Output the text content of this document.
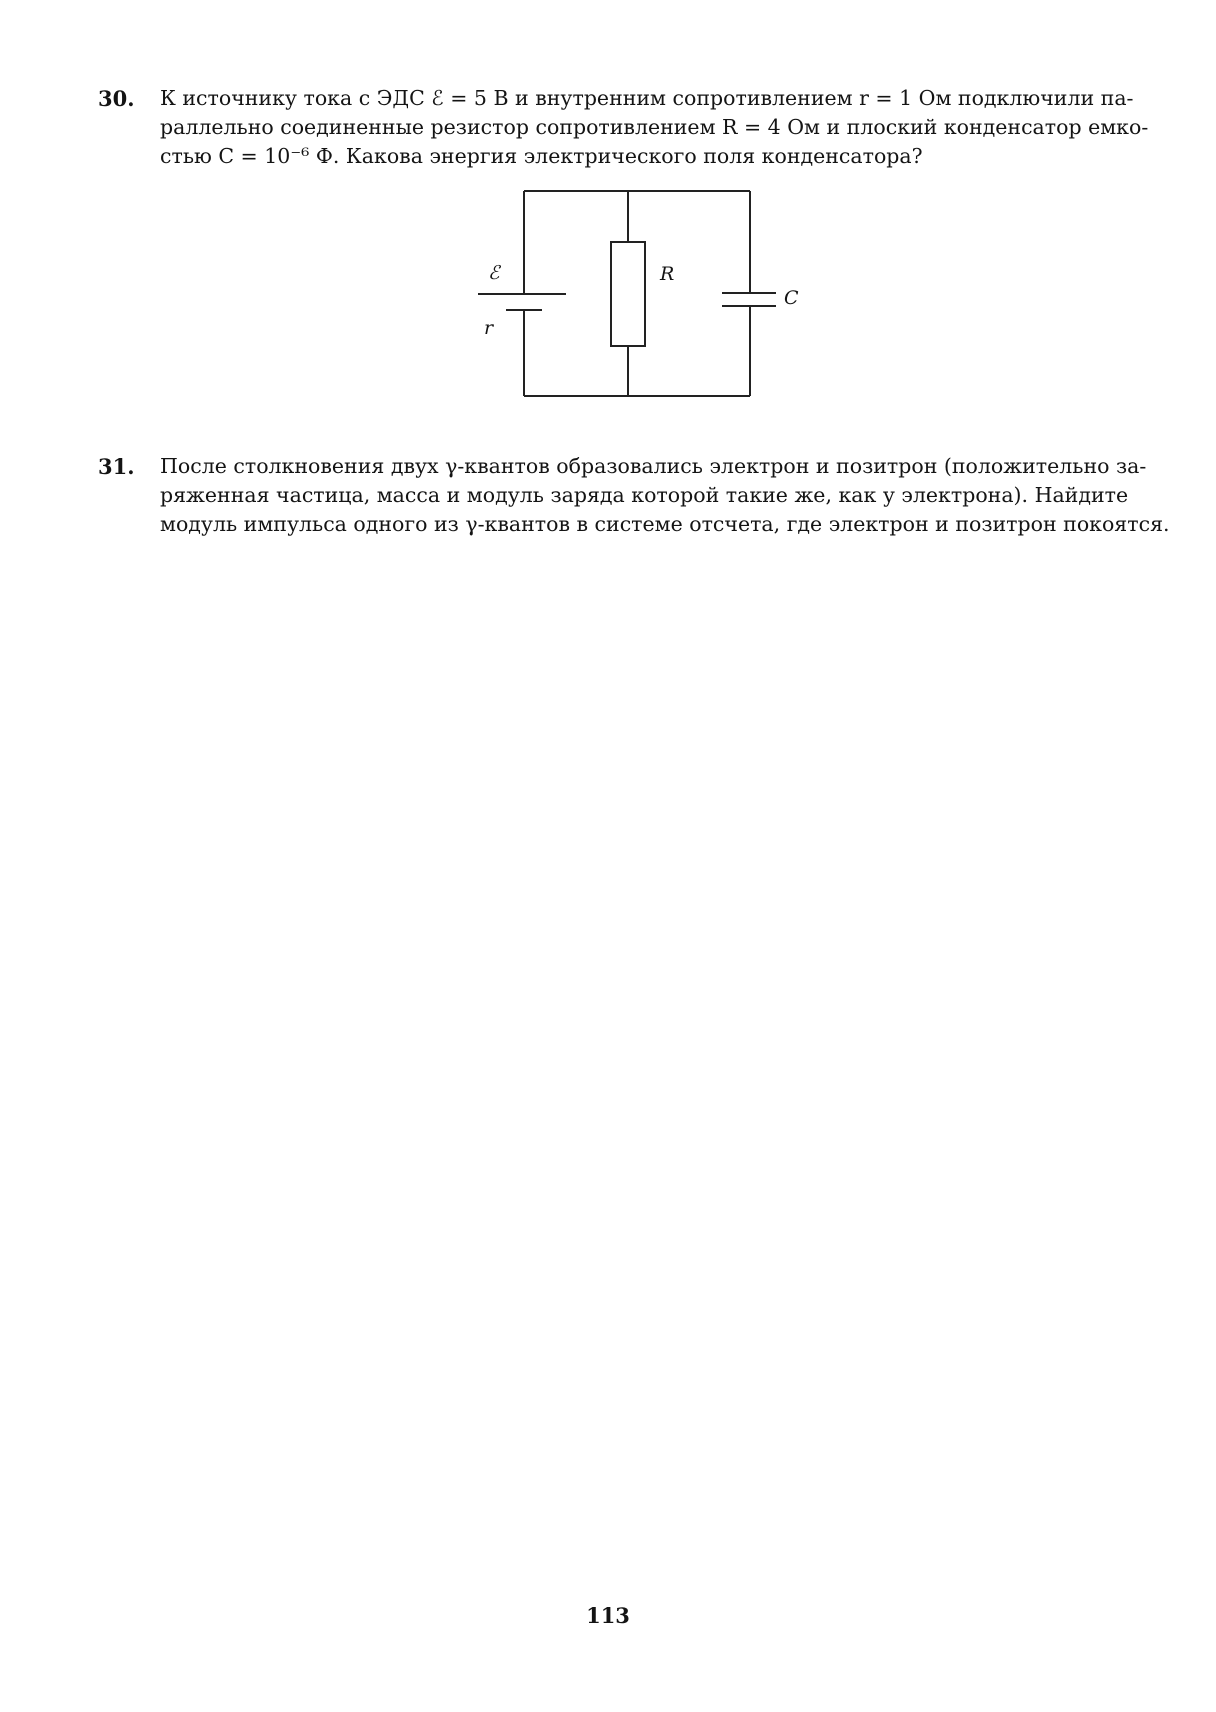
30. К источнику тока с ЭДС ℰ = 5 В и внутренним сопротивлением r = 1 Ом подключили па-
раллельно соединенные резистор сопротивлением R = 4 Ом и плоский конденсатор емко-
стью C = 10⁻⁶ Ф. Какова энергия электрического поля конденсатора?
ℰ
r
R
C
31. После столкновения двух γ-квантов образовались электрон и позитрон (положительно за-
ряженная частица, масса и модуль заряда которой такие же, как у электрона). Найдите
модуль импульса одного из γ-квантов в системе отсчета, где электрон и позитрон покоятся.
113
